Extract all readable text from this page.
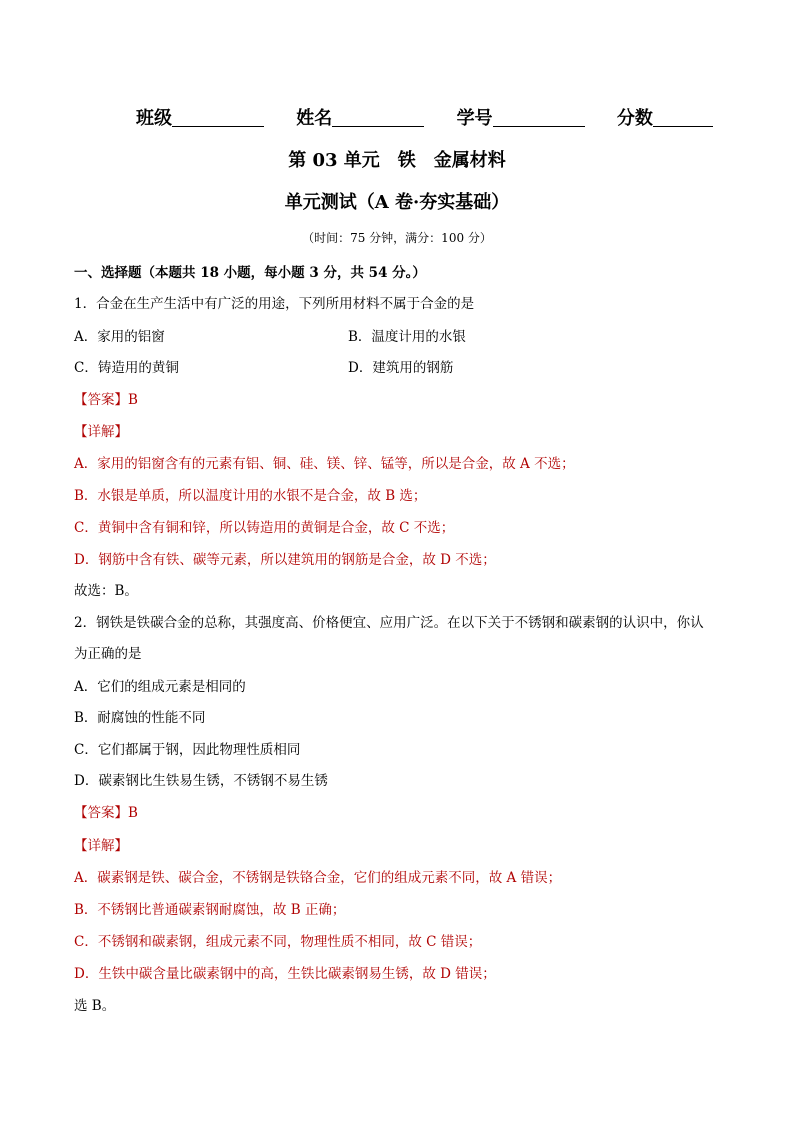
班级	姓名	学号	分数
第 03 单元　铁　金属材料
单元测试（A 卷·夯实基础）
（时间：75 分钟，满分：100 分）
一、选择题（本题共 18 小题，每小题 3 分，共 54 分。）
1．合金在生产生活中有广泛的用途，下列所用材料不属于合金的是
A．家用的铝窗	B．温度计用的水银
C．铸造用的黄铜	D．建筑用的钢筋
【答案】B
【详解】
A．家用的铝窗含有的元素有铝、铜、硅、镁、锌、锰等，所以是合金，故 A 不选；
B．水银是单质，所以温度计用的水银不是合金，故 B 选；
C．黄铜中含有铜和锌，所以铸造用的黄铜是合金，故 C 不选；
D．钢筋中含有铁、碳等元素，所以建筑用的钢筋是合金，故 D 不选；
故选：B。
2．钢铁是铁碳合金的总称，其强度高、价格便宜、应用广泛。在以下关于不锈钢和碳素钢的认识中，你认
为正确的是
A．它们的组成元素是相同的
B．耐腐蚀的性能不同
C．它们都属于钢，因此物理性质相同
D．碳素钢比生铁易生锈，不锈钢不易生锈
【答案】B
【详解】
A．碳素钢是铁、碳合金，不锈钢是铁铬合金，它们的组成元素不同，故 A 错误；
B．不锈钢比普通碳素钢耐腐蚀，故 B 正确；
C．不锈钢和碳素钢，组成元素不同，物理性质不相同，故 C 错误；
D．生铁中碳含量比碳素钢中的高，生铁比碳素钢易生锈，故 D 错误；
选 B。
